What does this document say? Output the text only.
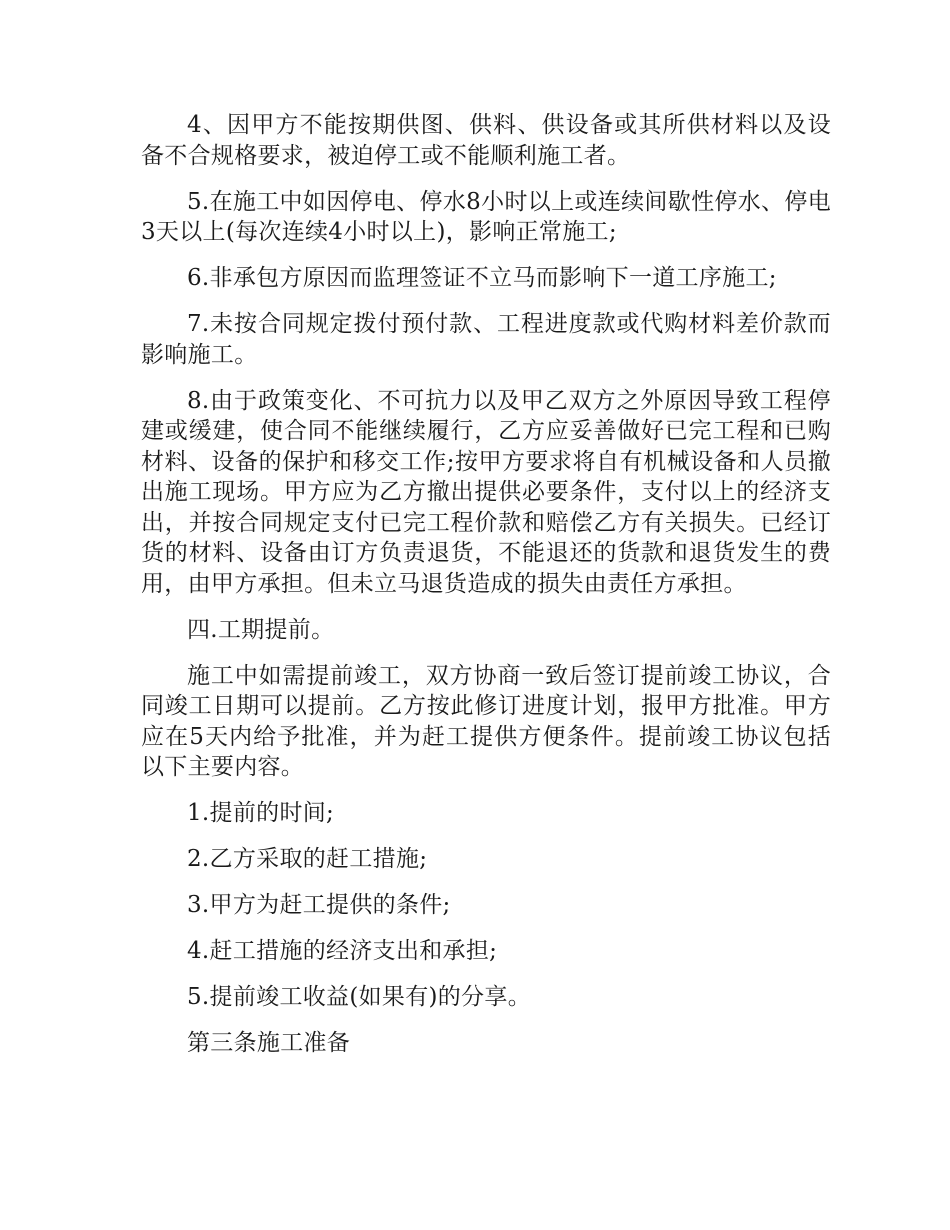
4、因甲方不能按期供图、供料、供设备或其所供材料以及设备不合规格要求，被迫停工或不能顺利施工者。

5.在施工中如因停电、停水8小时以上或连续间歇性停水、停电3天以上(每次连续4小时以上)，影响正常施工;

6.非承包方原因而监理签证不立马而影响下一道工序施工;

7.未按合同规定拨付预付款、工程进度款或代购材料差价款而影响施工。

8.由于政策变化、不可抗力以及甲乙双方之外原因导致工程停建或缓建，使合同不能继续履行，乙方应妥善做好已完工程和已购材料、设备的保护和移交工作;按甲方要求将自有机械设备和人员撤出施工现场。甲方应为乙方撤出提供必要条件，支付以上的经济支出，并按合同规定支付已完工程价款和赔偿乙方有关损失。已经订货的材料、设备由订方负责退货，不能退还的货款和退货发生的费用，由甲方承担。但未立马退货造成的损失由责任方承担。

四.工期提前。

施工中如需提前竣工，双方协商一致后签订提前竣工协议，合同竣工日期可以提前。乙方按此修订进度计划，报甲方批准。甲方应在5天内给予批准，并为赶工提供方便条件。提前竣工协议包括以下主要内容。

1.提前的时间;

2.乙方采取的赶工措施;

3.甲方为赶工提供的条件;

4.赶工措施的经济支出和承担;

5.提前竣工收益(如果有)的分享。

第三条施工准备
